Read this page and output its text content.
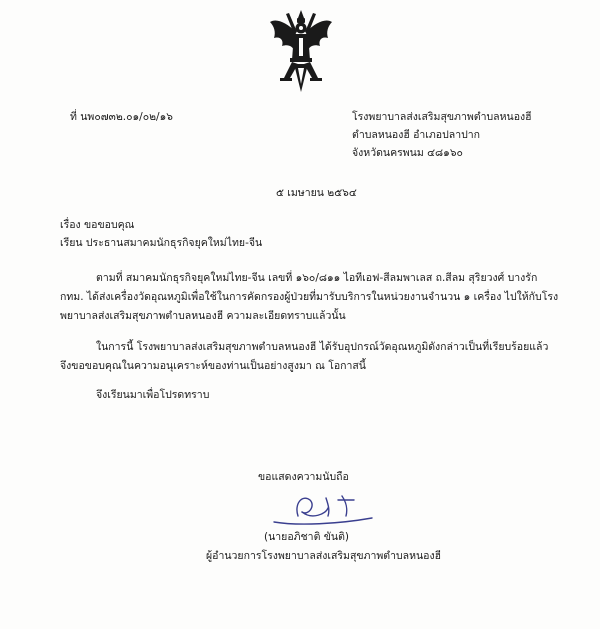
ที่ นพ๐๗๓๒.๐๑/๐๒/๑๖	โรงพยาบาลส่งเสริมสุขภาพตำบลหนองฮี
ตำบลหนองฮี อำเภอปลาปาก
จังหวัดนครพนม ๔๘๑๖๐
๕ เมษายน ๒๕๖๔
เรื่อง ขอขอบคุณ
เรียน ประธานสมาคมนักธุรกิจยุคใหม่ไทย-จีน
ตามที่ สมาคมนักธุรกิจยุคใหม่ไทย-จีน เลขที่ ๑๖๐/๘๑๑ ไอทีเอฟ-สีลมพาเลส ถ.สีลม สุริยวงศ์ บางรัก กทม. ได้ส่งเครื่องวัดอุณหภูมิเพื่อใช้ในการคัดกรองผู้ป่วยที่มารับบริการในหน่วยงานจำนวน ๑ เครื่อง ไปให้กับโรงพยาบาลส่งเสริมสุขภาพตำบลหนองฮี ความละเอียดทราบแล้วนั้น
ในการนี้ โรงพยาบาลส่งเสริมสุขภาพตำบลหนองฮี ได้รับอุปกรณ์วัดอุณหภูมิดังกล่าวเป็นที่เรียบร้อยแล้ว จึงขอขอบคุณในความอนุเคราะห์ของท่านเป็นอย่างสูงมา ณ โอกาสนี้
จึงเรียนมาเพื่อโปรดทราบ
ขอแสดงความนับถือ
(นายอภิชาติ ขันติ)
ผู้อำนวยการโรงพยาบาลส่งเสริมสุขภาพตำบลหนองฮี
